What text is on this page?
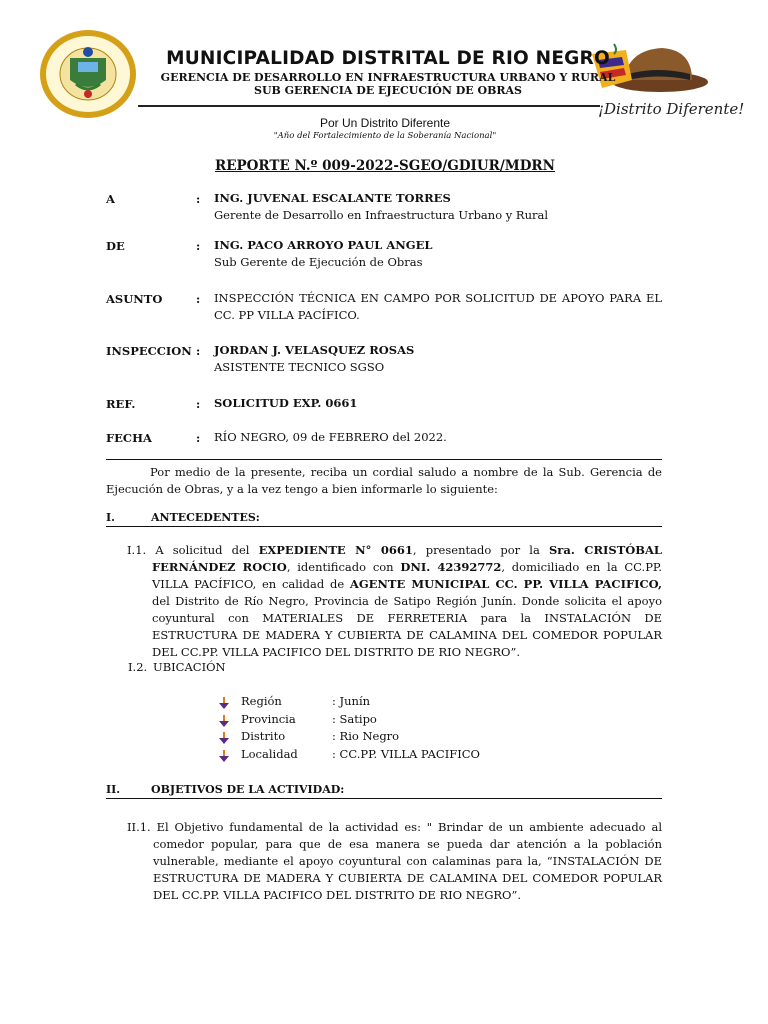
¡Distrito Diferente!
MUNICIPALIDAD DISTRITAL DE RIO NEGRO
GERENCIA DE DESARROLLO EN INFRAESTRUCTURA URBANO Y RURAL
SUB GERENCIA DE EJECUCIÓN DE OBRAS
Por Un Distrito Diferente
"Año del Fortalecimiento de la Soberanía Nacional"
REPORTE N.º 009-2022-SGEO/GDIUR/MDRN
A	: ING. JUVENAL ESCALANTE TORRES
Gerente de Desarrollo en Infraestructura Urbano y Rural
DE	: ING. PACO ARROYO PAUL ANGEL
Sub Gerente de Ejecución de Obras
ASUNTO	: INSPECCIÓN TÉCNICA EN CAMPO POR SOLICITUD DE APOYO PARA EL CC. PP VILLA PACÍFICO.
INSPECCION : JORDAN J. VELASQUEZ ROSAS
ASISTENTE TECNICO SGSO
REF.	: SOLICITUD EXP. 0661
FECHA	: RÍO NEGRO, 09 de FEBRERO del 2022.
Por medio de la presente, reciba un cordial saludo a nombre de la Sub. Gerencia de Ejecución de Obras, y a la vez tengo a bien informarle lo siguiente:
I.	ANTECEDENTES:
I.1. A solicitud del EXPEDIENTE N° 0661, presentado por la Sra. CRISTÓBAL FERNÁNDEZ ROCIO, identificado con DNI. 42392772, domiciliado en la CC.PP. VILLA PACÍFICO, en calidad de AGENTE MUNICIPAL CC. PP. VILLA PACIFICO, del Distrito de Río Negro, Provincia de Satipo Región Junín. Donde solicita el apoyo coyuntural con MATERIALES DE FERRETERIA para la INSTALACIÓN DE ESTRUCTURA DE MADERA Y CUBIERTA DE CALAMINA DEL COMEDOR POPULAR DEL CC.PP. VILLA PACIFICO DEL DISTRITO DE RIO NEGRO”.
I.2. UBICACIÓN
Región	: Junín
Provincia	: Satipo
Distrito	: Rio Negro
Localidad	: CC.PP. VILLA PACIFICO
II.	OBJETIVOS DE LA ACTIVIDAD:
II.1. El Objetivo fundamental de la actividad es: " Brindar de un ambiente adecuado al comedor popular, para que de esa manera se pueda dar atención a la población vulnerable, mediante el apoyo coyuntural con calaminas para la, “INSTALACIÓN DE ESTRUCTURA DE MADERA Y CUBIERTA DE CALAMINA DEL COMEDOR POPULAR DEL CC.PP. VILLA PACIFICO DEL DISTRITO DE RIO NEGRO”.
